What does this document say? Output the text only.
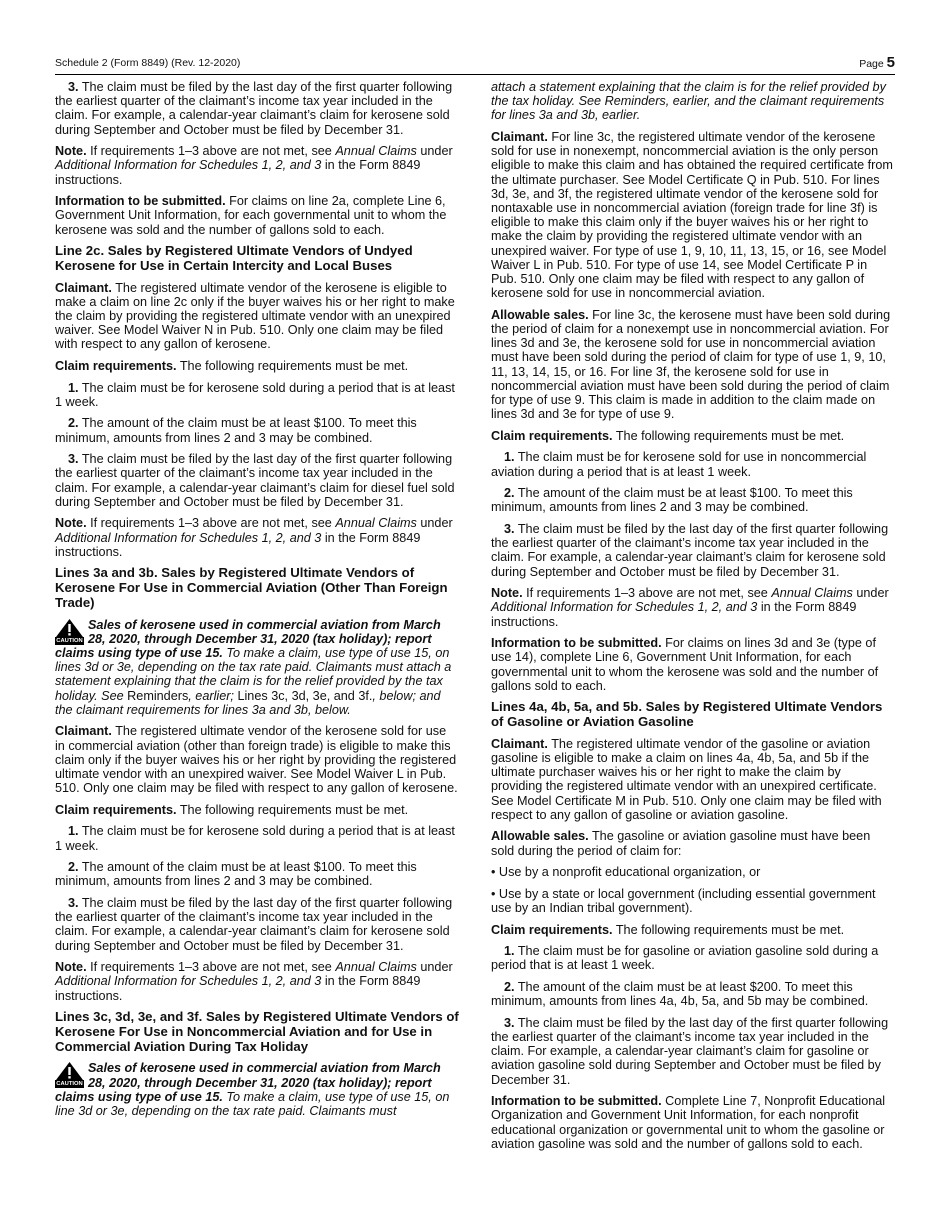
Schedule 2 (Form 8849) (Rev. 12-2020)	Page 5

3. The claim must be filed by the last day of the first quarter following the earliest quarter of the claimant’s income tax year included in the claim. For example, a calendar-year claimant’s claim for kerosene sold during September and October must be filed by December 31.

Note. If requirements 1–3 above are not met, see Annual Claims under Additional Information for Schedules 1, 2, and 3 in the Form 8849 instructions.

Information to be submitted. For claims on line 2a, complete Line 6, Government Unit Information, for each governmental unit to whom the kerosene was sold and the number of gallons sold to each.

Line 2c. Sales by Registered Ultimate Vendors of Undyed Kerosene for Use in Certain Intercity and Local Buses

Claimant. The registered ultimate vendor of the kerosene is eligible to make a claim on line 2c only if the buyer waives his or her right to make the claim by providing the registered ultimate vendor with an unexpired waiver. See Model Waiver N in Pub. 510. Only one claim may be filed with respect to any gallon of kerosene.

Claim requirements. The following requirements must be met.

1. The claim must be for kerosene sold during a period that is at least 1 week.

2. The amount of the claim must be at least $100. To meet this minimum, amounts from lines 2 and 3 may be combined.

3. The claim must be filed by the last day of the first quarter following the earliest quarter of the claimant’s income tax year included in the claim. For example, a calendar-year claimant’s claim for diesel fuel sold during September and October must be filed by December 31.

Note. If requirements 1–3 above are not met, see Annual Claims under Additional Information for Schedules 1, 2, and 3 in the Form 8849 instructions.

Lines 3a and 3b. Sales by Registered Ultimate Vendors of Kerosene For Use in Commercial Aviation (Other Than Foreign Trade)
CAUTION
Sales of kerosene used in commercial aviation from March 28, 2020, through December 31, 2020 (tax holiday); report claims using type of use 15. To make a claim, use type of use 15, on lines 3d or 3e, depending on the tax rate paid. Claimants must attach a statement explaining that the claim is for the relief provided by the tax holiday. See Reminders, earlier; Lines 3c, 3d, 3e, and 3f., below; and the claimant requirements for lines 3a and 3b, below.

Claimant. The registered ultimate vendor of the kerosene sold for use in commercial aviation (other than foreign trade) is eligible to make this claim only if the buyer waives his or her right by providing the registered ultimate vendor with an unexpired waiver. See Model Waiver L in Pub. 510. Only one claim may be filed with respect to any gallon of kerosene.

Claim requirements. The following requirements must be met.

1. The claim must be for kerosene sold during a period that is at least 1 week.

2. The amount of the claim must be at least $100. To meet this minimum, amounts from lines 2 and 3 may be combined.

3. The claim must be filed by the last day of the first quarter following the earliest quarter of the claimant’s income tax year included in the claim. For example, a calendar-year claimant’s claim for kerosene sold during September and October must be filed by December 31.

Note. If requirements 1–3 above are not met, see Annual Claims under Additional Information for Schedules 1, 2, and 3 in the Form 8849 instructions.

Lines 3c, 3d, 3e, and 3f. Sales by Registered Ultimate Vendors of Kerosene For Use in Noncommercial Aviation and for Use in Commercial Aviation During Tax Holiday
CAUTION
Sales of kerosene used in commercial aviation from March 28, 2020, through December 31, 2020 (tax holiday); report claims using type of use 15. To make a claim, use type of use 15, on line 3d or 3e, depending on the tax rate paid. Claimants must

attach a statement explaining that the claim is for the relief provided by the tax holiday. See Reminders, earlier, and the claimant requirements for lines 3a and 3b, earlier.

Claimant. For line 3c, the registered ultimate vendor of the kerosene sold for use in nonexempt, noncommercial aviation is the only person eligible to make this claim and has obtained the required certificate from the ultimate purchaser. See Model Certificate Q in Pub. 510. For lines 3d, 3e, and 3f, the registered ultimate vendor of the kerosene sold for nontaxable use in noncommercial aviation (foreign trade for line 3f) is eligible to make this claim only if the buyer waives his or her right to make the claim by providing the registered ultimate vendor with an unexpired waiver. For type of use 1, 9, 10, 11, 13, 15, or 16, see Model Waiver L in Pub. 510. For type of use 14, see Model Certificate P in Pub. 510. Only one claim may be filed with respect to any gallon of kerosene sold for use in noncommercial aviation.

Allowable sales. For line 3c, the kerosene must have been sold during the period of claim for a nonexempt use in noncommercial aviation. For lines 3d and 3e, the kerosene sold for use in noncommercial aviation must have been sold during the period of claim for type of use 1, 9, 10, 11, 13, 14, 15, or 16. For line 3f, the kerosene sold for use in noncommercial aviation must have been sold during the period of claim for type of use 9. This claim is made in addition to the claim made on lines 3d and 3e for type of use 9.

Claim requirements. The following requirements must be met.

1. The claim must be for kerosene sold for use in noncommercial aviation during a period that is at least 1 week.

2. The amount of the claim must be at least $100. To meet this minimum, amounts from lines 2 and 3 may be combined.

3. The claim must be filed by the last day of the first quarter following the earliest quarter of the claimant’s income tax year included in the claim. For example, a calendar-year claimant’s claim for kerosene sold during September and October must be filed by December 31.

Note. If requirements 1–3 above are not met, see Annual Claims under Additional Information for Schedules 1, 2, and 3 in the Form 8849 instructions.

Information to be submitted. For claims on lines 3d and 3e (type of use 14), complete Line 6, Government Unit Information, for each governmental unit to whom the kerosene was sold and the number of gallons sold to each.

Lines 4a, 4b, 5a, and 5b. Sales by Registered Ultimate Vendors of Gasoline or Aviation Gasoline

Claimant. The registered ultimate vendor of the gasoline or aviation gasoline is eligible to make a claim on lines 4a, 4b, 5a, and 5b if the ultimate purchaser waives his or her right to make the claim by providing the registered ultimate vendor with an unexpired certificate. See Model Certificate M in Pub. 510. Only one claim may be filed with respect to any gallon of gasoline or aviation gasoline.

Allowable sales. The gasoline or aviation gasoline must have been sold during the period of claim for:

• Use by a nonprofit educational organization, or

• Use by a state or local government (including essential government use by an Indian tribal government).

Claim requirements. The following requirements must be met.

1. The claim must be for gasoline or aviation gasoline sold during a period that is at least 1 week.

2. The amount of the claim must be at least $200. To meet this minimum, amounts from lines 4a, 4b, 5a, and 5b may be combined.

3. The claim must be filed by the last day of the first quarter following the earliest quarter of the claimant’s income tax year included in the claim. For example, a calendar-year claimant’s claim for gasoline or aviation gasoline sold during September and October must be filed by December 31.

Information to be submitted. Complete Line 7, Nonprofit Educational Organization and Government Unit Information, for each nonprofit educational organization or governmental unit to whom the gasoline or aviation gasoline was sold and the number of gallons sold to each.
